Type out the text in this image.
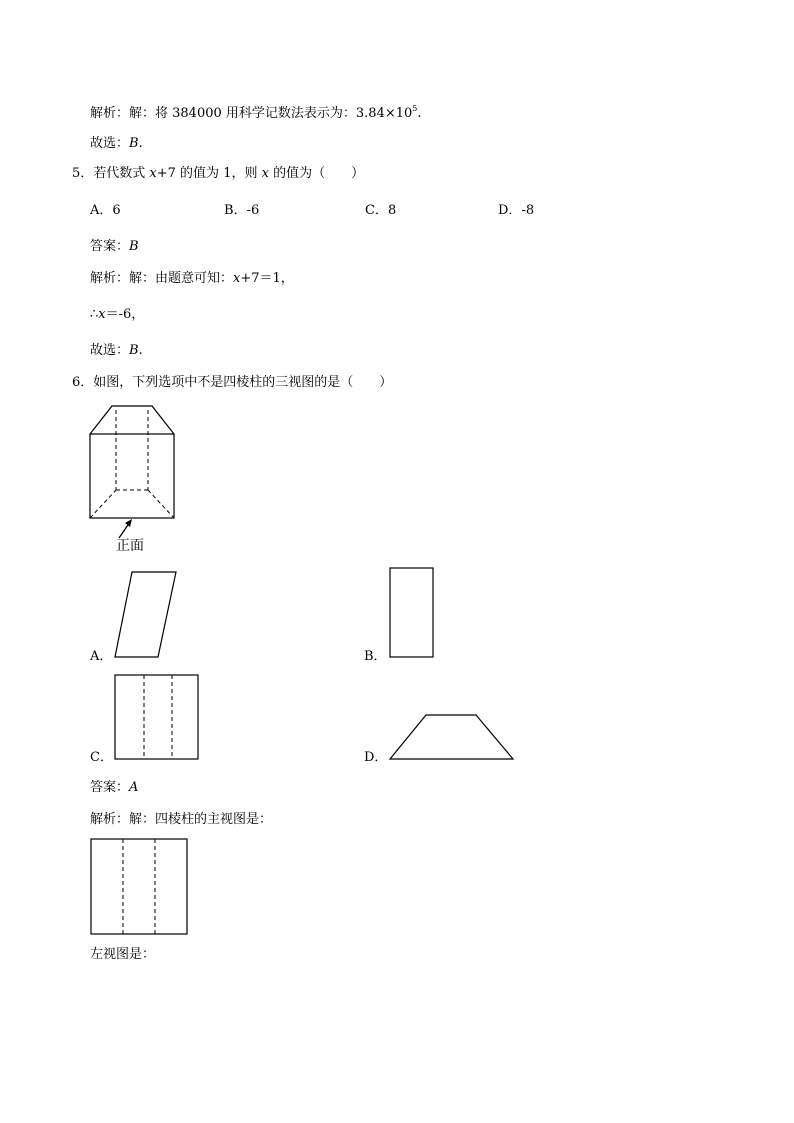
解析：解：将 384000 用科学记数法表示为：$3.84\times 10^5$.
故选：B.
5．若代数式 x+7 的值为 1，则 x 的值为（　　）
A．6	B．-6	C．8	D．-8
答案：B
解析：解：由题意可知：x+7＝1，
∴x＝-6，
故选：B.
6．如图，下列选项中不是四棱柱的三视图的是（　　）
正面
A．	B．
C．	D．
答案：A
解析：解：四棱柱的主视图是：
左视图是：
